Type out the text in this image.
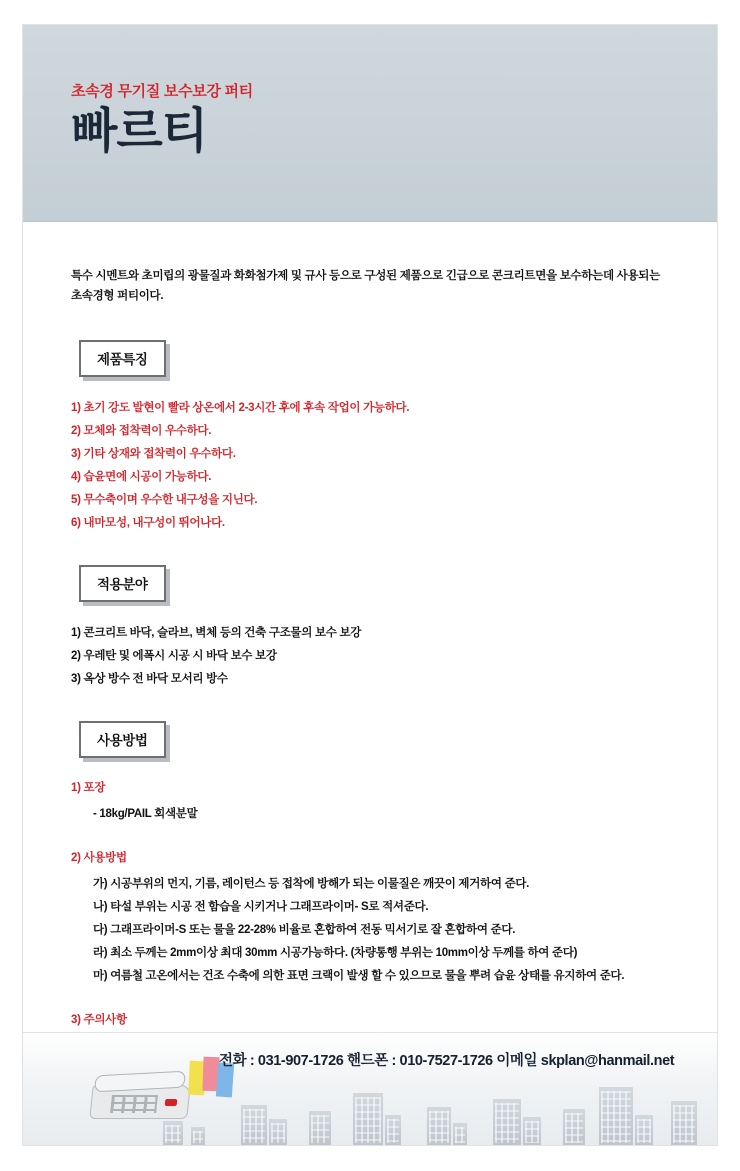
초속경 무기질 보수보강 퍼티

빠르티

특수 시멘트와 초미립의 광물질과 화화첨가제 및 규사 등으로 구성된 제품으로 긴급으로 콘크리트면을 보수하는데 사용되는 초속경형 퍼티이다.

제품특징
1) 초기 강도 발현이 빨라 상온에서 2-3시간 후에 후속 작업이 가능하다.
2) 모체와 접착력이 우수하다.
3) 기타 상재와 접착력이 우수하다.
4) 습윤면에 시공이 가능하다.
5) 무수축이며 우수한 내구성을 지닌다.
6) 내마모성, 내구성이 뛰어나다.
적용분야
1) 콘크리트 바닥, 슬라브, 벽체 등의 건축 구조물의 보수 보강
2) 우레탄 및 에폭시 시공 시 바닥 보수 보강
3) 옥상 방수 전 바닥 모서리 방수
사용방법

1) 포장

- 18kg/PAIL 회색분말

2) 사용방법

가) 시공부위의 먼지, 기름, 레이턴스 등 접착에 방해가 되는 이물질은 깨끗이 제거하여 준다.
나) 타설 부위는 시공 전 함습을 시키거나 그래프라이머- S로 적셔준다.
다) 그래프라이머-S 또는 물을 22-28% 비율로 혼합하여 전동 믹서기로 잘 혼합하여 준다.
라) 최소 두께는 2mm이상 최대 30mm 시공가능하다. (차량통행 부위는 10mm이상 두께를 하여 준다)
마) 여름철 고온에서는 건조 수축에 의한 표면 크랙이 발생 할 수 있으므로 물을 뿌려 습윤 상태를 유지하여 준다.

3) 주의사항

전화 : 031-907-1726 핸드폰 : 010-7527-1726 이메일 skplan@hanmail.net
